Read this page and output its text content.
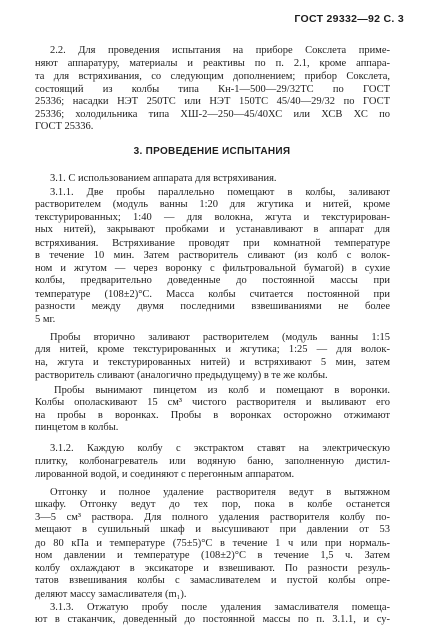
ГОСТ 29332—92 С. 3
2.2. Для проведения испытания на приборе Сокслета приме-
няют аппаратуру, материалы и реактивы по п. 2.1, кроме аппара-
та для встряхивания, со следующим дополнением; прибор Сокслета,
состоящий из колбы типа Кн-1—500—29/32ТС по ГОСТ
25336; насадки НЭТ 250ТС или НЭТ 150ТС 45/40—29/32 по ГОСТ
25336; холодильника типа ХШ-2—250—45/40ХС или ХСВ ХС по
ГОСТ 25336.
3. ПРОВЕДЕНИЕ ИСПЫТАНИЯ
3.1. С использованием аппарата для встряхивания.
3.1.1. Две пробы параллельно помещают в колбы, заливают
растворителем (модуль ванны 1:20 для жгутика и нитей, кроме
текстурированных; 1:40 — для волокна, жгута и текстурирован-
ных нитей), закрывают пробками и устанавливают в аппарат для
встряхивания. Встряхивание проводят при комнатной температуре
в течение 10 мин. Затем растворитель сливают (из колб с волок-
ном и жгутом — через воронку с фильтровальной бумагой) в сухие
колбы, предварительно доведенные до постоянной массы при
температуре (108±2)°С. Масса колбы считается постоянной при
разности между двумя последними взвешиваниями не более
5 мг.
Пробы вторично заливают растворителем (модуль ванны 1:15
для нитей, кроме текстурированных и жгутика; 1:25 — для волок-
на, жгута и текстурированных нитей) и встряхивают 5 мин, затем
растворитель сливают (аналогично предыдущему) в те же колбы.
Пробы вынимают пинцетом из колб и помещают в воронки.
Колбы ополаскивают 15 см³ чистого растворителя и выливают его
на пробы в воронках. Пробы в воронках осторожно отжимают
пинцетом в колбы.
3.1.2. Каждую колбу с экстрактом ставят на электрическую
плитку, колбонагреватель или водяную баню, заполненную дистил-
лированной водой, и соединяют с перегонным аппаратом.
Отгонку и полное удаление растворителя ведут в вытяжном
шкафу. Отгонку ведут до тех пор, пока в колбе останется
3—5 см³ раствора. Для полного удаления растворителя колбу по-
мещают в сушильный шкаф и высушивают при давлении от 53
до 80 кПа и температуре (75±5)°С в течение 1 ч или при нормаль-
ном давлении и температуре (108±2)°С в течение 1,5 ч. Затем
колбу охлаждают в эксикаторе и взвешивают. По разности резуль-
татов взвешивания колбы с замасливателем и пустой колбы опре-
деляют массу замасливателя (m₁).
3.1.3. Отжатую пробу после удаления замасливателя помеща-
ют в стаканчик, доведенный до постоянной массы по п. 3.1.1, и су-
